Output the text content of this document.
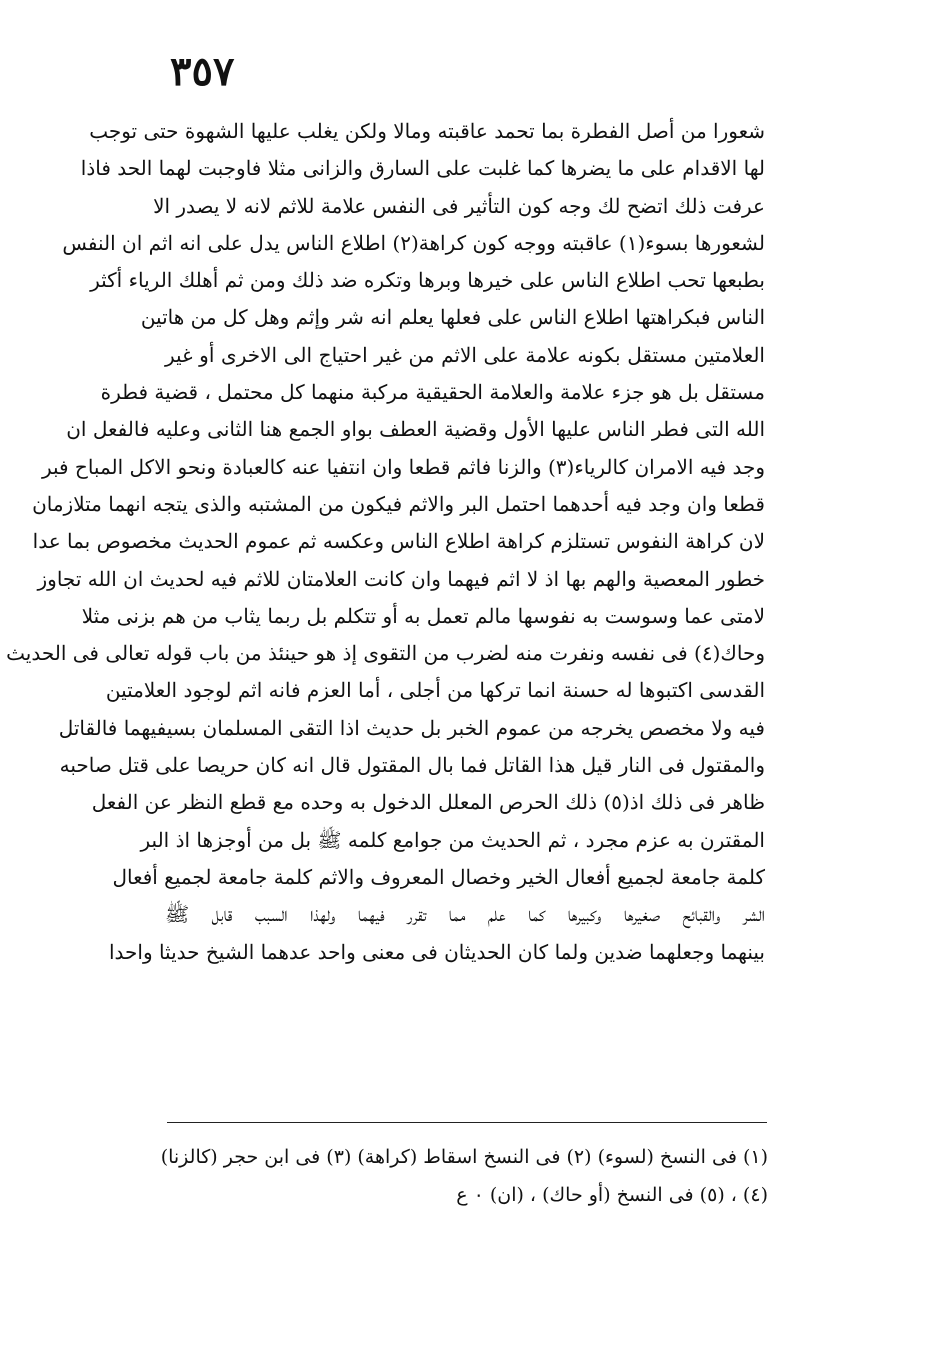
٣٥٧
شعورا من أصل الفطرة بما تحمد عاقبته ومالا ولكن يغلب عليها الشهوة حتى توجب
لها الاقدام على ما يضرها كما غلبت على السارق والزانى مثلا فاوجبت لهما الحد فاذا
عرفت ذلك اتضح لك وجه كون التأثير فى النفس علامة للاثم لانه لا يصدر الا
لشعورها بسوء(١) عاقبته ووجه كون كراهة(٢) اطلاع الناس يدل على انه اثم ان النفس
بطبعها تحب اطلاع الناس على خيرها وبرها وتكره ضد ذلك ومن ثم أهلك الرياء أكثر
الناس فبكراهتها اطلاع الناس على فعلها يعلم انه شر وإثم وهل كل من هاتين
العلامتين مستقل بكونه علامة على الاثم من غير احتياج الى الاخرى أو غير
مستقل بل هو جزء علامة والعلامة الحقيقية مركبة منهما كل محتمل ، قضية فطرة
الله التى فطر الناس عليها الأول وقضية العطف بواو الجمع هنا الثانى وعليه فالفعل ان
وجد فيه الامران كالرياء(٣) والزنا فاثم قطعا وان انتفيا عنه كالعبادة ونحو الاكل المباح فبر
قطعا وان وجد فيه أحدهما احتمل البر والاثم فيكون من المشتبه والذى يتجه انهما متلازمان
لان كراهة النفوس تستلزم كراهة اطلاع الناس وعكسه ثم عموم الحديث مخصوص بما عدا
خطور المعصية والهم بها اذ لا اثم فيهما وان كانت العلامتان للاثم فيه لحديث ان الله تجاوز
لامتى عما وسوست به نفوسها مالم تعمل به أو تتكلم بل ربما يثاب من هم بزنى مثلا
وحاك(٤) فى نفسه ونفرت منه لضرب من التقوى إذ هو حينئذ من باب قوله تعالى فى الحديث
القدسى اكتبوها له حسنة انما تركها من أجلى ، أما العزم فانه اثم لوجود العلامتين
فيه ولا مخصص يخرجه من عموم الخبر بل حديث اذا التقى المسلمان بسيفيهما فالقاتل
والمقتول فى النار قيل هذا القاتل فما بال المقتول قال انه كان حريصا على قتل صاحبه
ظاهر فى ذلك اذ(٥) ذلك الحرص المعلل الدخول به وحده مع قطع النظر عن الفعل
المقترن به عزم مجرد ، ثم الحديث من جوامع كلمه ﷺ بل من أوجزها اذ البر
كلمة جامعة لجميع أفعال الخير وخصال المعروف والاثم كلمة جامعة لجميع أفعال
الشر والقبائح صغيرها وكبيرها كما علم مما تقرر فيهما ولهذا السبب قابل ﷺ
بينهما وجعلهما ضدين ولما كان الحديثان فى معنى واحد عدهما الشيخ حديثا واحدا
(١) فى النسخ (لسوء) (٢) فى النسخ اسقاط (كراهة) (٣) فى ابن حجر (كالزنا)
(٤) ، (٥) فى النسخ (أو حاك) ، (ان) ۰ ع
